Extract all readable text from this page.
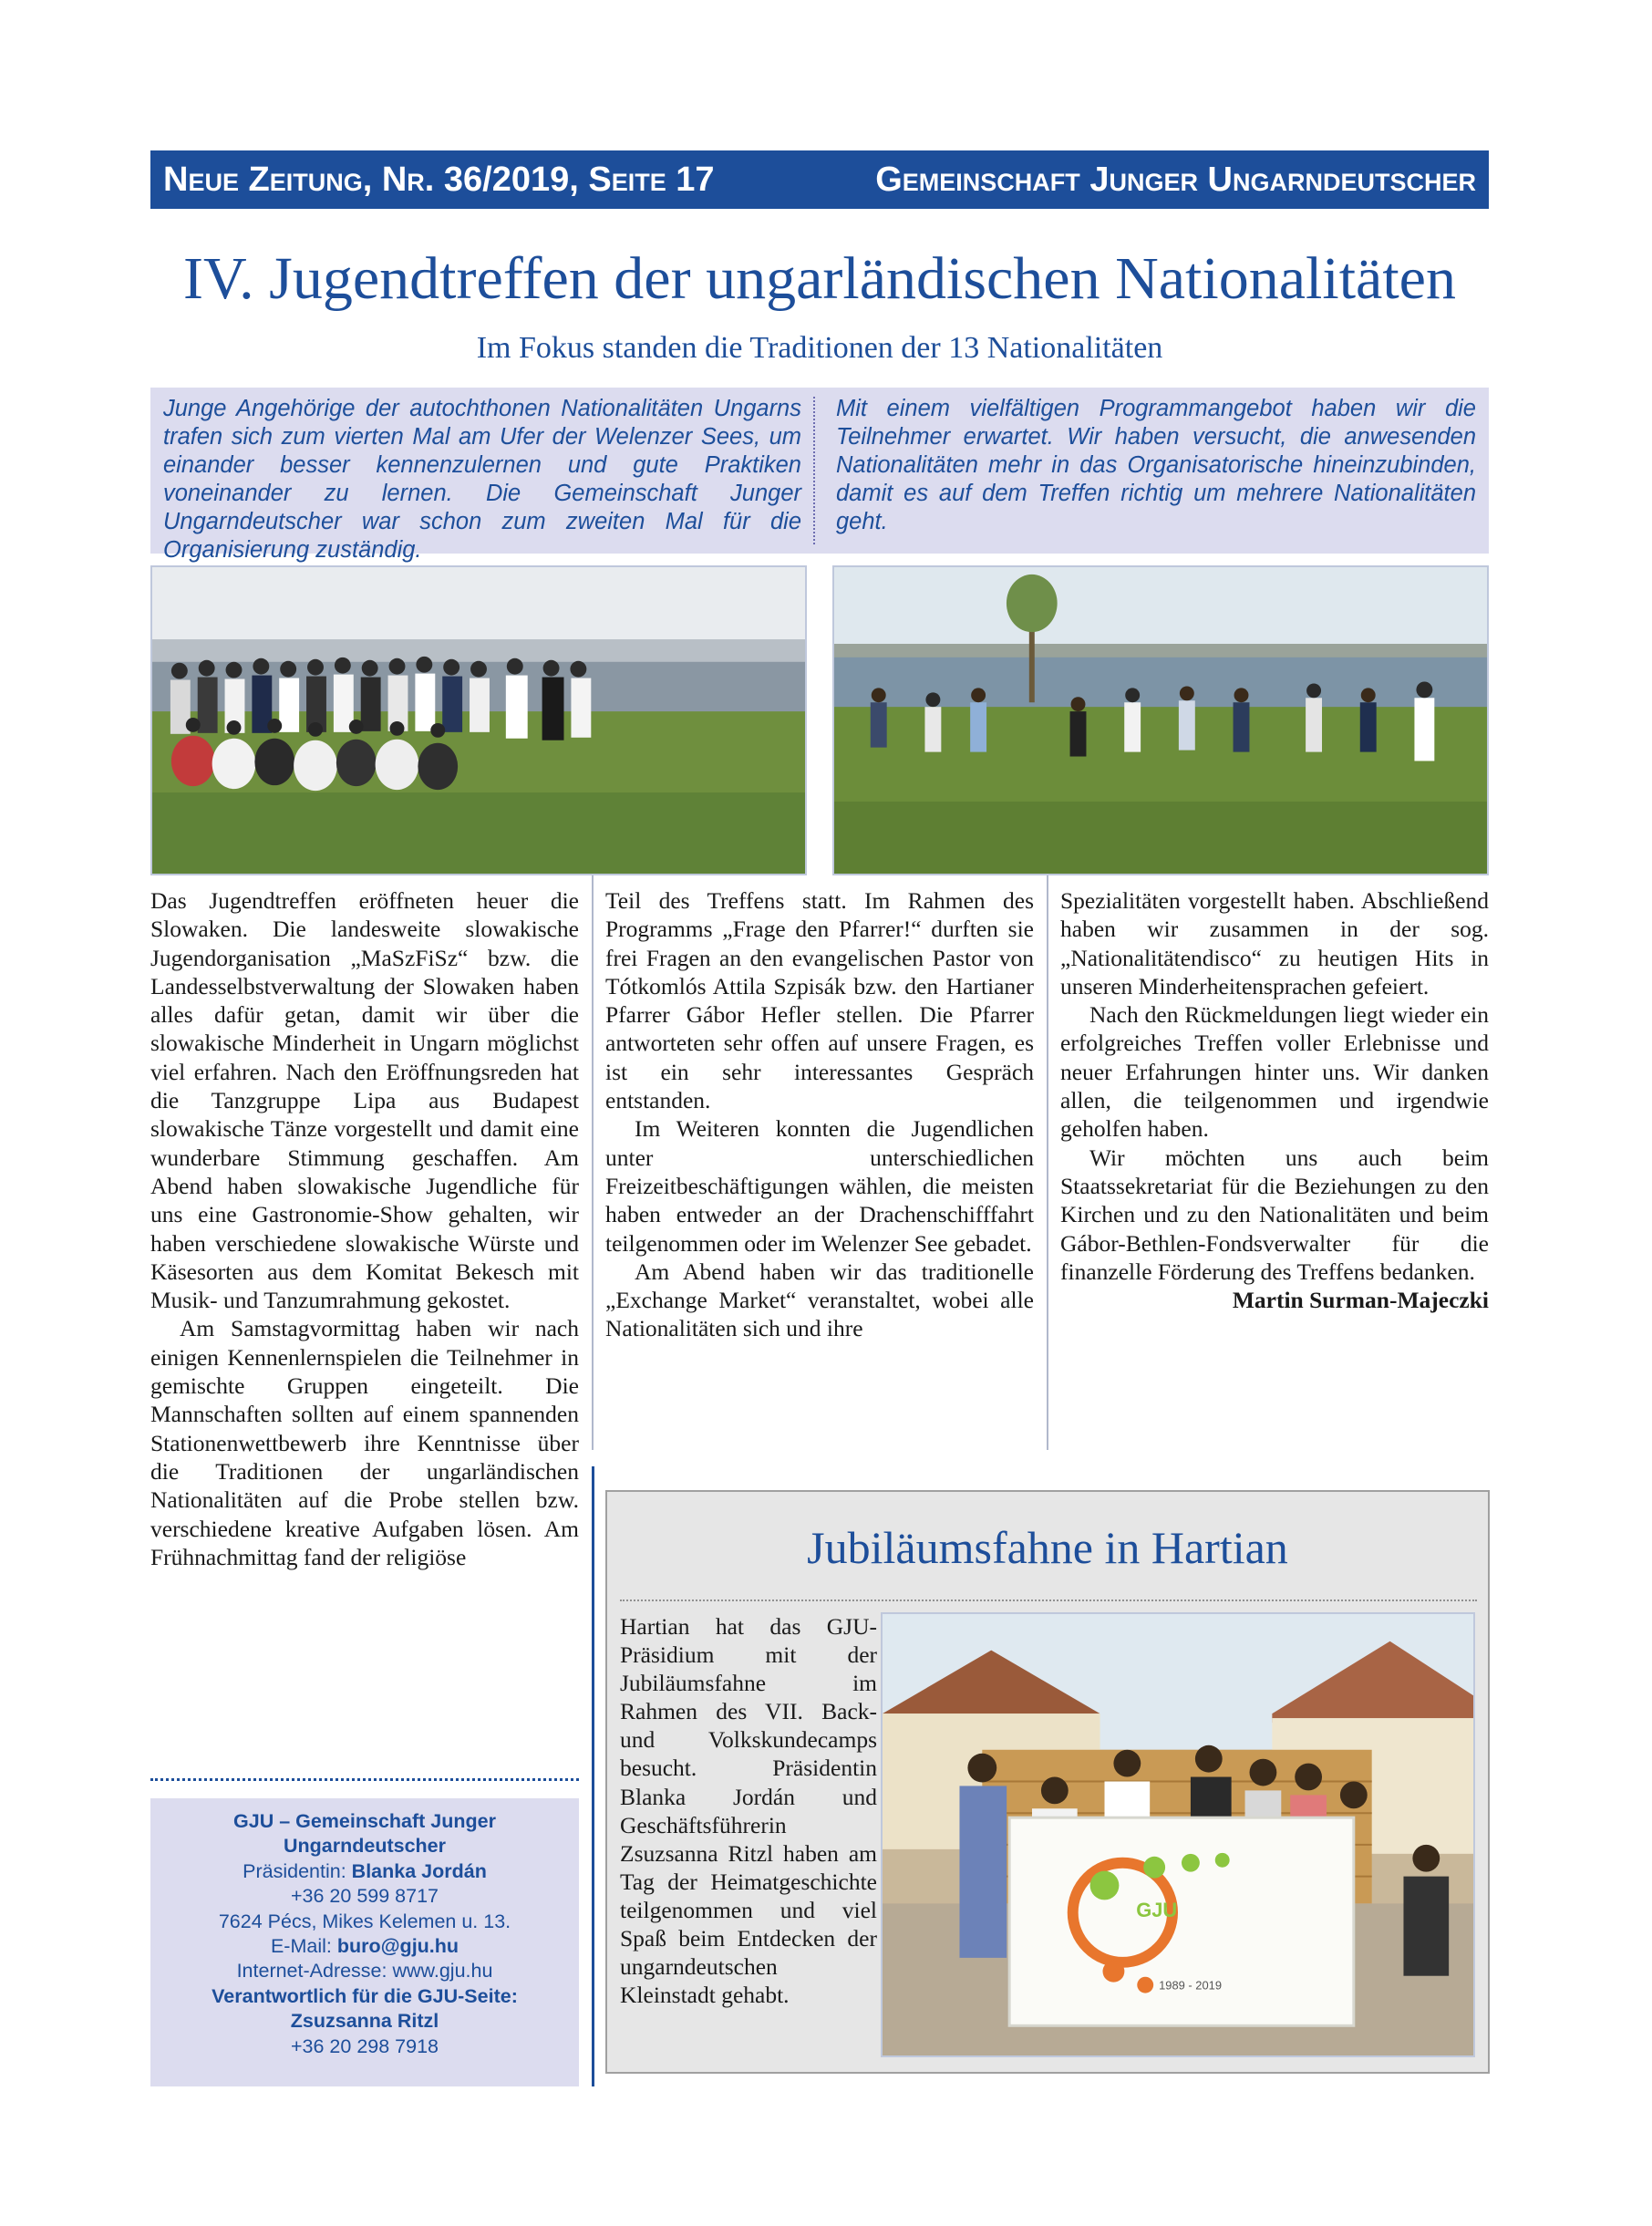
Neue Zeitung, Nr. 36/2019, Seite 17	Gemeinschaft Junger Ungarndeutscher
IV. Jugendtreffen der ungarländischen Nationalitäten
Im Fokus standen die Traditionen der 13 Nationalitäten
Junge Angehörige der autochthonen Nationalitäten Ungarns trafen sich zum vierten Mal am Ufer der Welenzer Sees, um einander besser kennenzulernen und gute Praktiken voneinander zu lernen. Die Gemeinschaft Junger Ungarndeutscher war schon zum zweiten Mal für die Organisierung zuständig.
Mit einem vielfältigen Programmangebot haben wir die Teilnehmer erwartet. Wir haben versucht, die anwesenden Nationalitäten mehr in das Organisatorische hineinzubinden, damit es auf dem Treffen richtig um mehrere Nationalitäten geht.

Das Jugendtreffen eröffneten heuer die Slowaken. Die landesweite slowakische Jugendorganisation „MaSzFiSz“ bzw. die Landesselbstverwaltung der Slowaken haben alles dafür getan, damit wir über die slowakische Minderheit in Ungarn möglichst viel erfahren. Nach den Eröffnungsreden hat die Tanzgruppe Lipa aus Budapest slowakische Tänze vorgestellt und damit eine wunderbare Stimmung geschaffen. Am Abend haben slowakische Jugendliche für uns eine Gastronomie-Show gehalten, wir haben verschiedene slowakische Würste und Käsesorten aus dem Komitat Bekesch mit Musik- und Tanzumrahmung gekostet.

Am Samstagvormittag haben wir nach einigen Kennenlernspielen die Teilnehmer in gemischte Gruppen eingeteilt. Die Mannschaften sollten auf einem spannenden Stationenwettbewerb ihre Kenntnisse über die Traditionen der ungarländischen Nationalitäten auf die Probe stellen bzw. verschiedene kreative Aufgaben lösen. Am Frühnachmittag fand der religiöse

Teil des Treffens statt. Im Rahmen des Programms „Frage den Pfarrer!“ durften sie frei Fragen an den evangelischen Pastor von Tótkomlós Attila Szpisák bzw. den Hartianer Pfarrer Gábor Hefler stellen. Die Pfarrer antworteten sehr offen auf unsere Fragen, es ist ein sehr interessantes Gespräch entstanden.

Im Weiteren konnten die Jugendlichen unter unterschiedlichen Freizeitbeschäftigungen wählen, die meisten haben entweder an der Drachenschifffahrt teilgenommen oder im Welenzer See gebadet.

Am Abend haben wir das traditionelle „Exchange Market“ veranstaltet, wobei alle Nationalitäten sich und ihre

Spezialitäten vorgestellt haben. Abschließend haben wir zusammen in der sog. „Nationalitätendisco“ zu heutigen Hits in unseren Minderheitensprachen gefeiert.

Nach den Rückmeldungen liegt wieder ein erfolgreiches Treffen voller Erlebnisse und neuer Erfahrungen hinter uns. Wir danken allen, die teilgenommen und irgendwie geholfen haben.

Wir möchten uns auch beim Staatssekretariat für die Beziehungen zu den Kirchen und zu den Nationalitäten und beim Gábor-Bethlen-Fondsverwalter für die finanzelle Förderung des Treffens bedanken.

Martin Surman-Majeczki
GJU – Gemeinschaft Junger
Ungarndeutscher
Präsidentin: Blanka Jordán
+36 20 599 8717
7624 Pécs, Mikes Kelemen u. 13.
E-Mail: buro@gju.hu
Internet-Adresse: www.gju.hu
Verantwortlich für die GJU-Seite:
Zsuzsanna Ritzl
+36 20 298 7918
Jubiläumsfahne in Hartian
Hartian hat das GJU-Präsidium mit der Jubiläumsfahne im Rahmen des VII. Back- und Volkskundecamps besucht. Präsidentin Blanka Jordán und Geschäftsführerin Zsuzsanna Ritzl haben am Tag der Heimatgeschichte teilgenommen und viel Spaß beim Entdecken der ungarndeutschen Kleinstadt gehabt.
GJU
1989 - 2019
